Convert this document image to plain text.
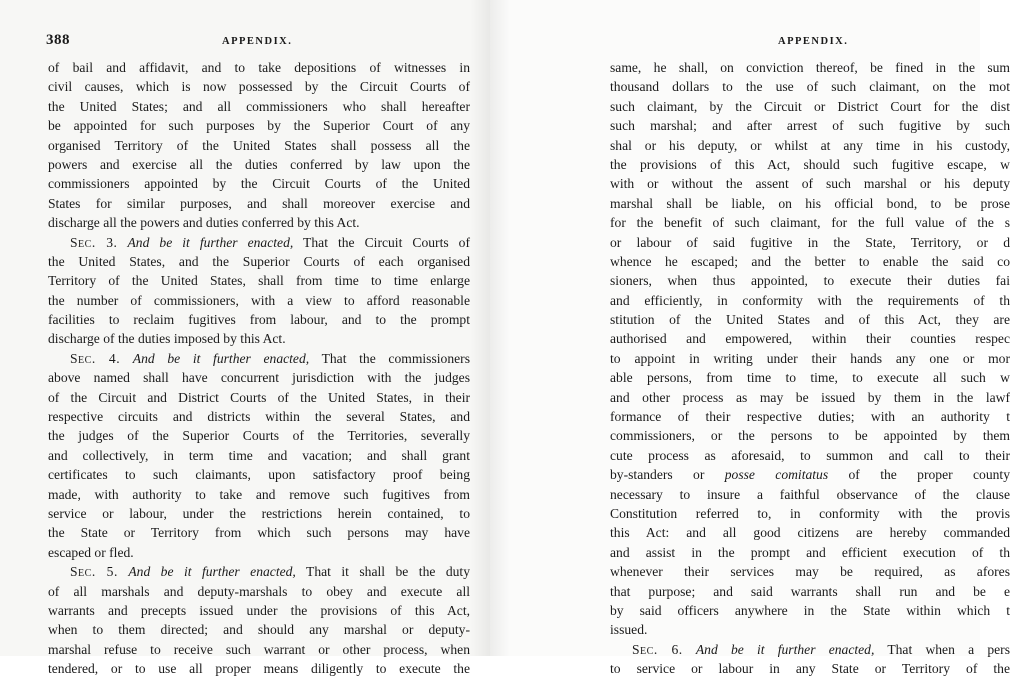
388	APPENDIX.
of bail and affidavit, and to take depositions of witnesses in
civil causes, which is now possessed by the Circuit Courts of
the United States; and all commissioners who shall hereafter
be appointed for such purposes by the Superior Court of any
organised Territory of the United States shall possess all the
powers and exercise all the duties conferred by law upon the
commissioners appointed by the Circuit Courts of the United
States for similar purposes, and shall moreover exercise and
discharge all the powers and duties conferred by this Act.
Sec. 3. And be it further enacted, That the Circuit Courts of
the United States, and the Superior Courts of each organised
Territory of the United States, shall from time to time enlarge
the number of commissioners, with a view to afford reasonable
facilities to reclaim fugitives from labour, and to the prompt
discharge of the duties imposed by this Act.
Sec. 4. And be it further enacted, That the commissioners
above named shall have concurrent jurisdiction with the judges
of the Circuit and District Courts of the United States, in their
respective circuits and districts within the several States, and
the judges of the Superior Courts of the Territories, severally
and collectively, in term time and vacation; and shall grant
certificates to such claimants, upon satisfactory proof being
made, with authority to take and remove such fugitives from
service or labour, under the restrictions herein contained, to
the State or Territory from which such persons may have
escaped or fled.
Sec. 5. And be it further enacted, That it shall be the duty
of all marshals and deputy-marshals to obey and execute all
warrants and precepts issued under the provisions of this Act,
when to them directed; and should any marshal or deputy-
marshal refuse to receive such warrant or other process, when
tendered, or to use all proper means diligently to execute the
APPENDIX.
same, he shall, on conviction thereof, be fined in the sum
thousand dollars to the use of such claimant, on the mot
such claimant, by the Circuit or District Court for the dist
such marshal; and after arrest of such fugitive by such
shal or his deputy, or whilst at any time in his custody,
the provisions of this Act, should such fugitive escape, w
with or without the assent of such marshal or his deputy
marshal shall be liable, on his official bond, to be prose
for the benefit of such claimant, for the full value of the s
or labour of said fugitive in the State, Territory, or d
whence he escaped; and the better to enable the said co
sioners, when thus appointed, to execute their duties fai
and efficiently, in conformity with the requirements of th
stitution of the United States and of this Act, they are
authorised and empowered, within their counties respec
to appoint in writing under their hands any one or mor
able persons, from time to time, to execute all such w
and other process as may be issued by them in the lawf
formance of their respective duties; with an authority t
commissioners, or the persons to be appointed by them
cute process as aforesaid, to summon and call to their
by-standers or posse comitatus of the proper county
necessary to insure a faithful observance of the clause
Constitution referred to, in conformity with the provis
this Act: and all good citizens are hereby commanded
and assist in the prompt and efficient execution of th
whenever their services may be required, as afores
that purpose; and said warrants shall run and be e
by said officers anywhere in the State within which t
issued.
Sec. 6. And be it further enacted, That when a pers
to service or labour in any State or Territory of the
